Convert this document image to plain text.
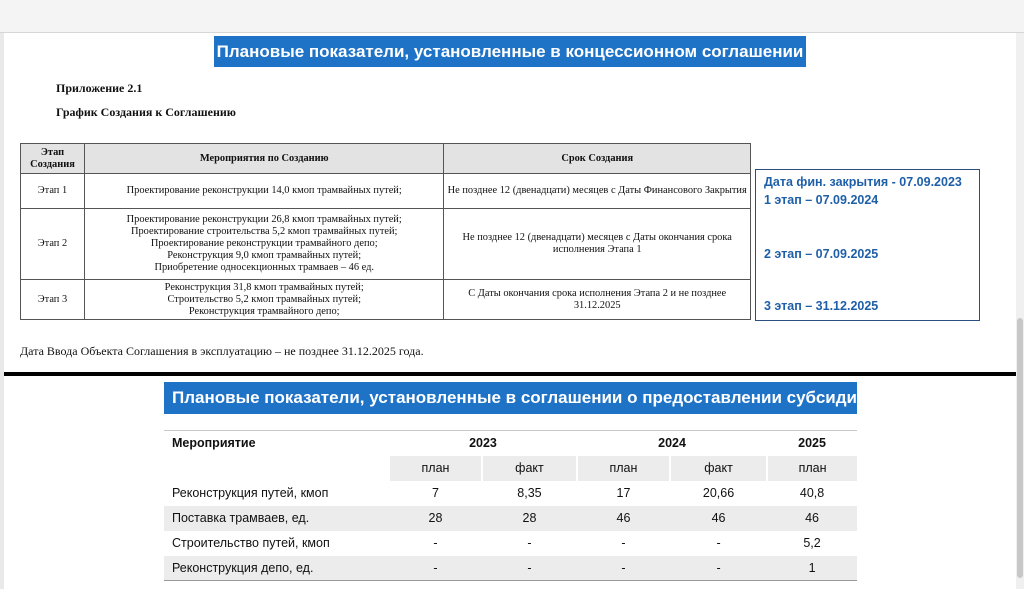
Плановые показатели, установленные в концессионном соглашении
Приложение 2.1
График Создания к Соглашению
Этап Создания	Мероприятия по Созданию	Срок Создания
Этап 1	Проектирование реконструкции 14,0 кмоп трамвайных путей;	Не позднее 12 (двенадцати) месяцев с Даты Финансового Закрытия
Этап 2	Проектирование реконструкции 26,8 кмоп трамвайных путей;
Проектирование строительства 5,2 кмоп трамвайных путей;
Проектирование реконструкции трамвайного депо;
Реконструкция 9,0 кмоп трамвайных путей;
Приобретение односекционных трамваев – 46 ед.	Не позднее 12 (двенадцати) месяцев с Даты окончания срока исполнения Этапа 1
Этап 3	Реконструкция 31,8 кмоп трамвайных путей;
Строительство 5,2 кмоп трамвайных путей;
Реконструкция трамвайного депо;	С Даты окончания срока исполнения Этапа 2 и не позднее 31.12.2025
Дата фин. закрытия - 07.09.2023
1 этап – 07.09.2024
2 этап – 07.09.2025
3 этап – 31.12.2025
Дата Ввода Объекта Соглашения в эксплуатацию – не позднее 31.12.2025 года.
Плановые показатели, установленные в соглашении о предоставлении субсидии
Мероприятие	2023		2024		2025
	план	факт	план	факт	план
Реконструкция путей, кмоп	7	8,35	17	20,66	40,8
Поставка трамваев, ед.	28	28	46	46	46
Строительство путей, кмоп	-	-	-	-	5,2
Реконструкция депо, ед.	-	-	-	-	1
